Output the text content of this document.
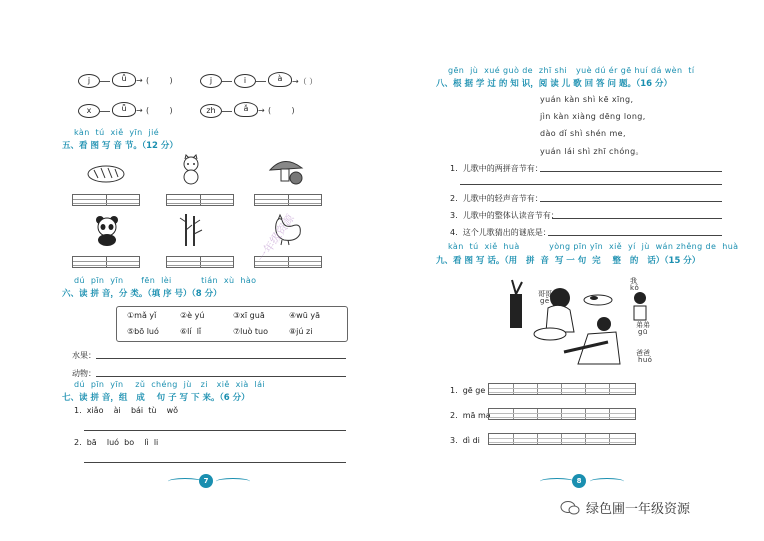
j	ǚ	→ (        )	j	i	à	→（ ）
x	ǖ	→ (        )	zh	ǎ	→ (        )
kàn  tú  xiě  yīn  jié
五、看 图 写 音 节。（12 分）
dú  pīn  yīn      fēn  lèi          tián  xù  hào
六、读 拼 音，分 类。（填 序 号）（8 分）
①mǎ yǐ	②è yú	③xī guā	④wū yā
⑤bō luó	⑥lí  lǐ	⑦luò tuo	⑧jú zi
水果：
动物：
dú  pīn  yīn    zǔ  chéng  jù   zi   xiě  xià  lái
七、读 拼 音，组   成    句 子 写 下 来。（6 分）
1.  xiǎo    ài    bái  tù    wǒ
2.  bā    luó  bo    lì  li
7
一年级资源
gēn  jù  xué guò de  zhī shi   yuè dú ér gē huí dá wèn  tí
八、根 据 学 过 的 知 识，阅 读 儿 歌 回 答 问 题。（16 分）
yuán kàn shì kē xīng,
jìn kàn xiàng dēng long,
dào dǐ shì shén me,
yuán lái shì zhī chóng。
1.  儿歌中的两拼音节有：
2.  儿歌中的轻声音节有：
3.  儿歌中的整体认读音节有：
4.  这个儿歌猜出的谜底是：
kàn  tú  xiě  huà          yòng pīn yīn  xiě  yí  jù  wán zhěng de  huà
九、看 图 写 话。（用   拼  音  写 一 句  完    整   的   话）（15 分）
哥哥
gē
我
kǒ
弟弟
gū
爸爸
huó
1.  gē ge
2.  mā ma
3.  dì di
8
绿色圃一年级资源
